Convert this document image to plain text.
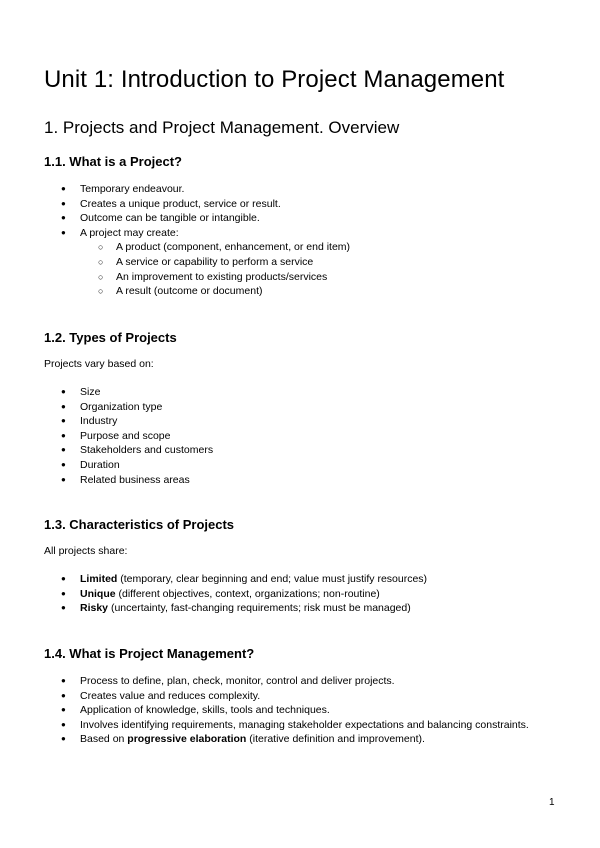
Unit 1: Introduction to Project Management
1. Projects and Project Management. Overview
1.1. What is a Project?
● Temporary endeavour.
● Creates a unique product, service or result.
● Outcome can be tangible or intangible.
● A project may create:
○ A product (component, enhancement, or end item)
○ A service or capability to perform a service
○ An improvement to existing products/services
○ A result (outcome or document)
1.2. Types of Projects

Projects vary based on:

● Size
● Organization type
● Industry
● Purpose and scope
● Stakeholders and customers
● Duration
● Related business areas
1.3. Characteristics of Projects

All projects share:

● Limited (temporary, clear beginning and end; value must justify resources)
● Unique (different objectives, context, organizations; non-routine)
● Risky (uncertainty, fast-changing requirements; risk must be managed)
1.4. What is Project Management?
● Process to define, plan, check, monitor, control and deliver projects.
● Creates value and reduces complexity.
● Application of knowledge, skills, tools and techniques.
● Involves identifying requirements, managing stakeholder expectations and balancing constraints.
● Based on progressive elaboration (iterative definition and improvement).
1
